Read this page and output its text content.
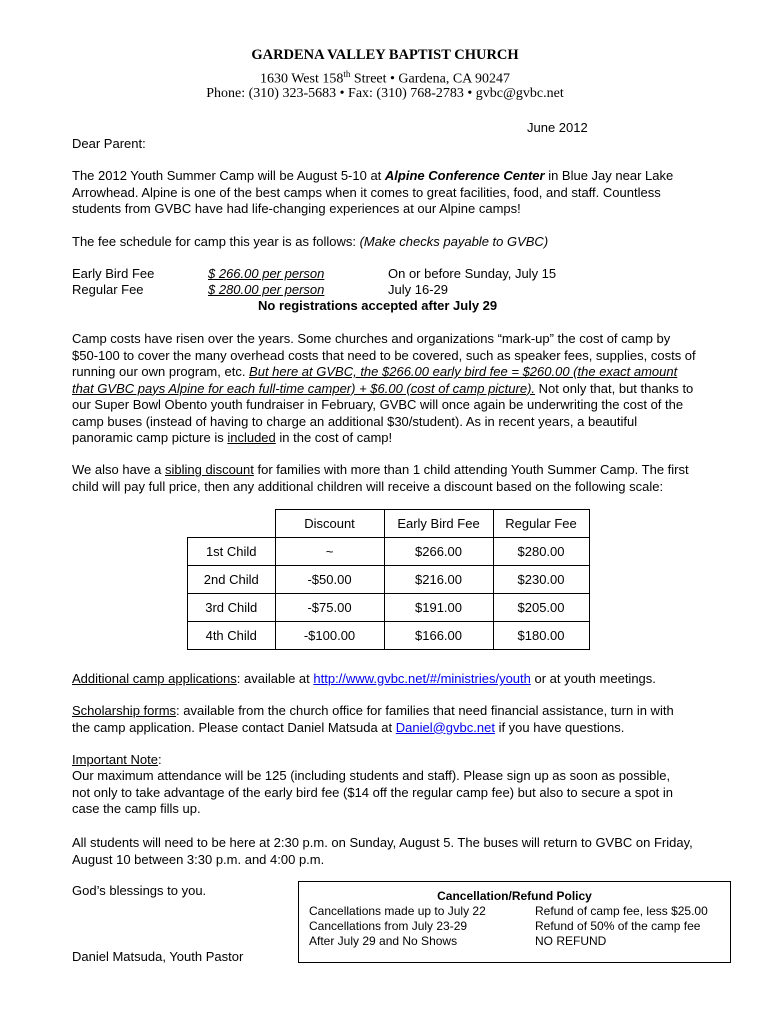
GARDENA VALLEY BAPTIST CHURCH
1630 West 158th Street • Gardena, CA 90247
Phone: (310) 323-5683 • Fax: (310) 768-2783 • gvbc@gvbc.net
June 2012
Dear Parent:
The 2012 Youth Summer Camp will be August 5-10 at Alpine Conference Center in Blue Jay near Lake Arrowhead. Alpine is one of the best camps when it comes to great facilities, food, and staff. Countless students from GVBC have had life-changing experiences at our Alpine camps!
The fee schedule for camp this year is as follows: (Make checks payable to GVBC)
Early Bird Fee	$ 266.00 per person	On or before Sunday, July 15
Regular Fee	$ 280.00 per person	July 16-29
No registrations accepted after July 29
Camp costs have risen over the years. Some churches and organizations “mark-up” the cost of camp by $50-100 to cover the many overhead costs that need to be covered, such as speaker fees, supplies, costs of running our own program, etc. But here at GVBC, the $266.00 early bird fee = $260.00 (the exact amount that GVBC pays Alpine for each full-time camper) + $6.00 (cost of camp picture). Not only that, but thanks to our Super Bowl Obento youth fundraiser in February, GVBC will once again be underwriting the cost of the camp buses (instead of having to charge an additional $30/student). As in recent years, a beautiful panoramic camp picture is included in the cost of camp!
We also have a sibling discount for families with more than 1 child attending Youth Summer Camp. The first child will pay full price, then any additional children will receive a discount based on the following scale:
	Discount	Early Bird Fee	Regular Fee
1st Child	~	$266.00	$280.00
2nd Child	-$50.00	$216.00	$230.00
3rd Child	-$75.00	$191.00	$205.00
4th Child	-$100.00	$166.00	$180.00
Additional camp applications: available at http://www.gvbc.net/#/ministries/youth or at youth meetings.
Scholarship forms: available from the church office for families that need financial assistance, turn in with the camp application. Please contact Daniel Matsuda at Daniel@gvbc.net if you have questions.
Important Note:
Our maximum attendance will be 125 (including students and staff). Please sign up as soon as possible, not only to take advantage of the early bird fee ($14 off the regular camp fee) but also to secure a spot in case the camp fills up.
All students will need to be here at 2:30 p.m. on Sunday, August 5. The buses will return to GVBC on Friday, August 10 between 3:30 p.m. and 4:00 p.m.
God’s blessings to you.
Daniel Matsuda, Youth Pastor
Cancellation/Refund Policy
Cancellations made up to July 22	Refund of camp fee, less $25.00
Cancellations from July 23-29	Refund of 50% of the camp fee
After July 29 and No Shows	NO REFUND
